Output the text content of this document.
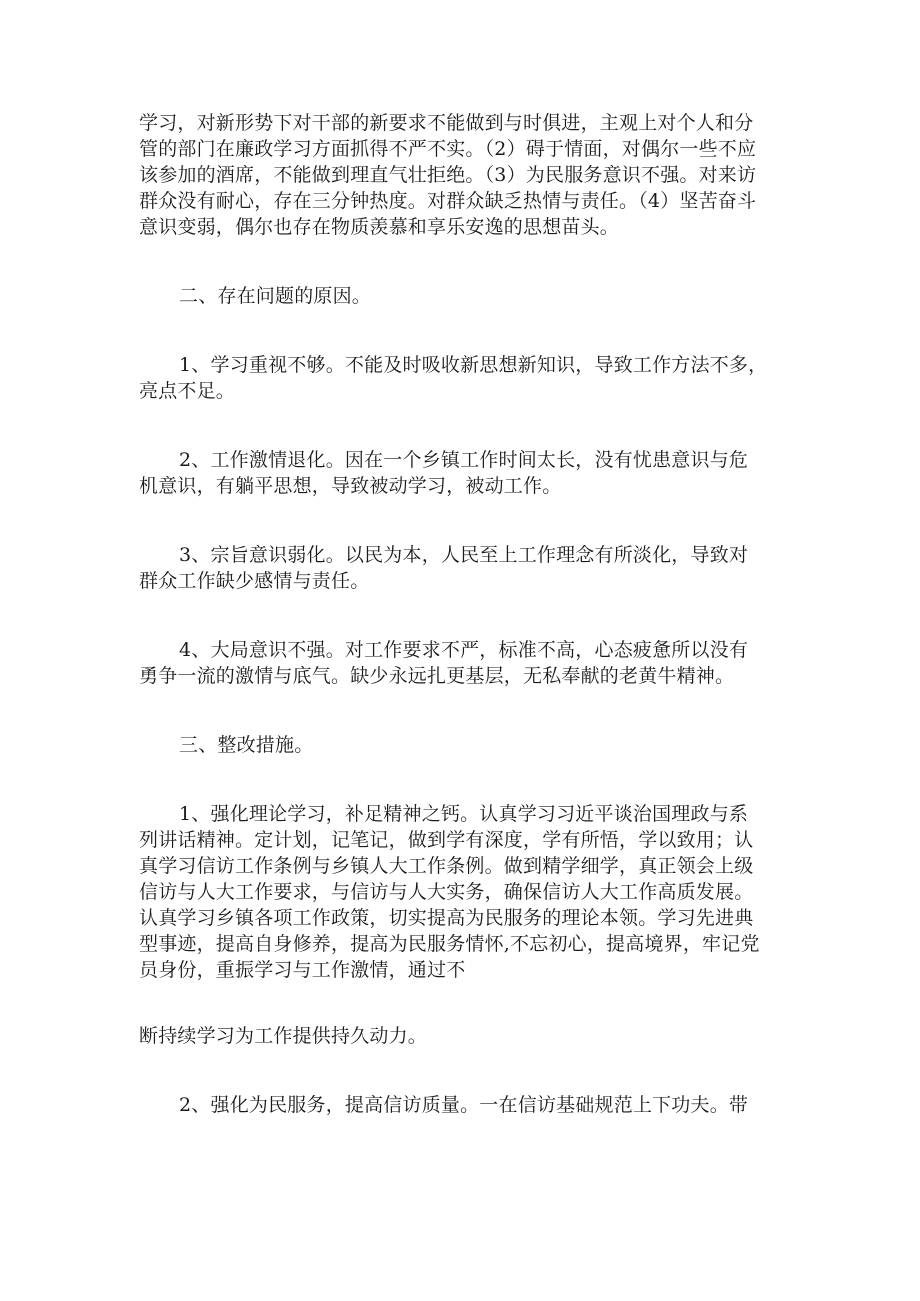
学习，对新形势下对干部的新要求不能做到与时俱进，主观上对个人和分
管的部门在廉政学习方面抓得不严不实。（2）碍于情面，对偶尔一些不应
该参加的酒席，不能做到理直气壮拒绝。（3）为民服务意识不强。对来访
群众没有耐心，存在三分钟热度。对群众缺乏热情与责任。（4）坚苦奋斗
意识变弱，偶尔也存在物质羡慕和享乐安逸的思想苗头。

二、存在问题的原因。

1、学习重视不够。不能及时吸收新思想新知识，导致工作方法不多，
亮点不足。

2、工作激情退化。因在一个乡镇工作时间太长，没有忧患意识与危
机意识，有躺平思想，导致被动学习，被动工作。

3、宗旨意识弱化。以民为本，人民至上工作理念有所淡化，导致对
群众工作缺少感情与责任。

4、大局意识不强。对工作要求不严，标准不高，心态疲惫所以没有
勇争一流的激情与底气。缺少永远扎更基层，无私奉献的老黄牛精神。

三、整改措施。

1、强化理论学习，补足精神之钙。认真学习习近平谈治国理政与系
列讲话精神。定计划，记笔记，做到学有深度，学有所悟，学以致用；认
真学习信访工作条例与乡镇人大工作条例。做到精学细学，真正领会上级
信访与人大工作要求，与信访与人大实务，确保信访人大工作高质发展。
认真学习乡镇各项工作政策，切实提高为民服务的理论本领。学习先进典
型事迹，提高自身修养，提高为民服务情怀,不忘初心，提高境界，牢记党
员身份，重振学习与工作激情，通过不

断持续学习为工作提供持久动力。

2、强化为民服务，提高信访质量。一在信访基础规范上下功夫。带
